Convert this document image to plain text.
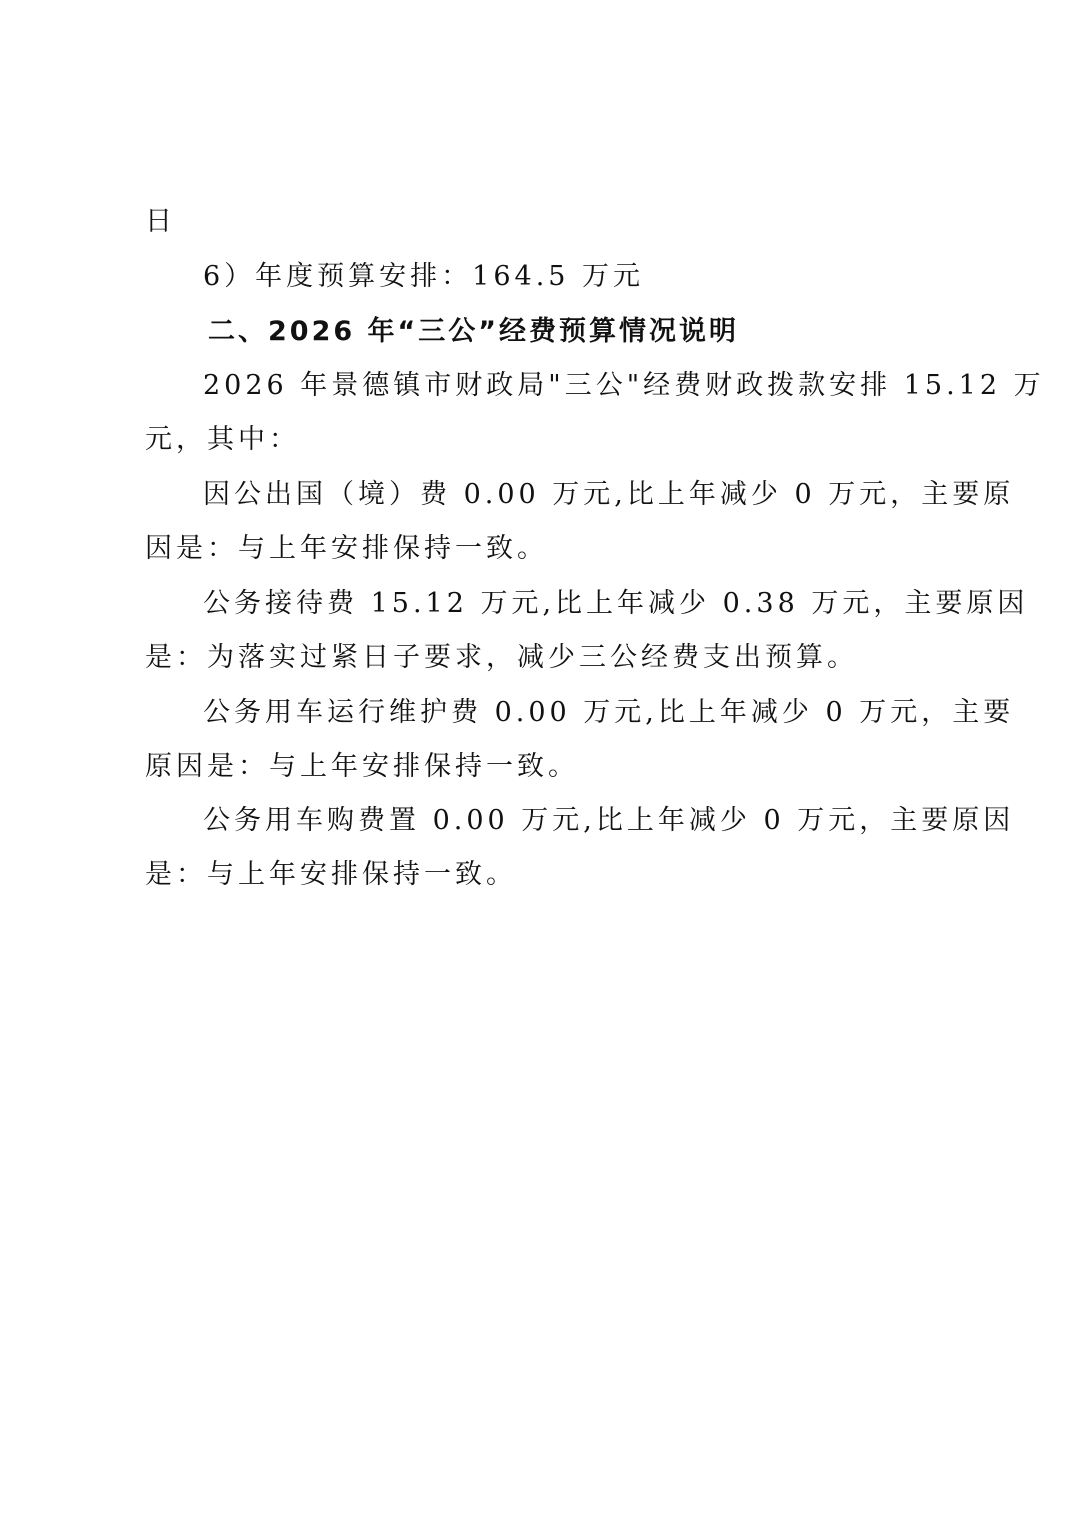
日
6）年度预算安排：164.5 万元
二、2026 年“三公”经费预算情况说明
2026 年景德镇市财政局"三公"经费财政拨款安排 15.12 万
元，其中：
因公出国（境）费 0.00 万元,比上年减少 0 万元，主要原
因是：与上年安排保持一致。
公务接待费 15.12 万元,比上年减少 0.38 万元，主要原因
是：为落实过紧日子要求，减少三公经费支出预算。
公务用车运行维护费 0.00 万元,比上年减少 0 万元，主要
原因是：与上年安排保持一致。
公务用车购费置 0.00 万元,比上年减少 0 万元，主要原因
是：与上年安排保持一致。
